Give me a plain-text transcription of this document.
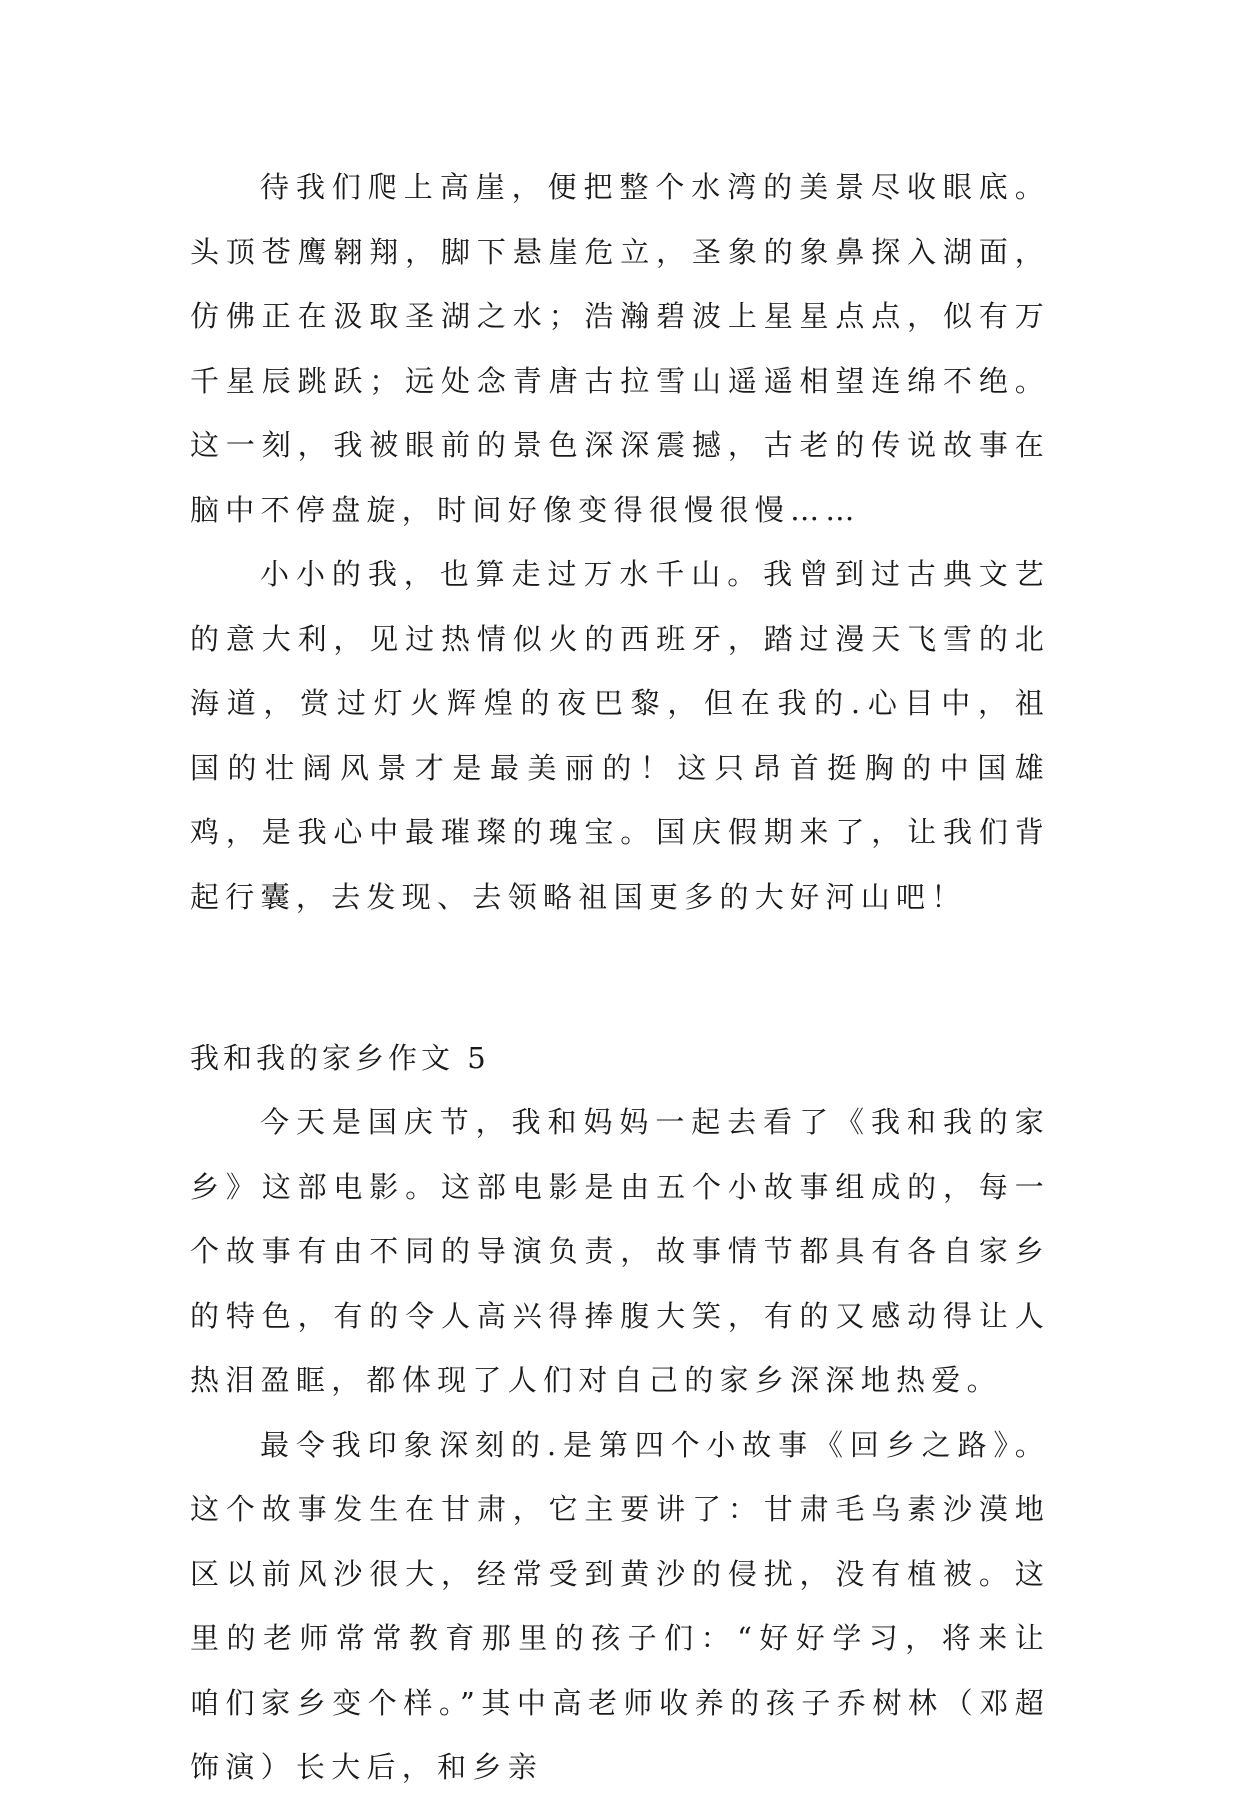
待我们爬上高崖，便把整个水湾的美景尽收眼底。头顶苍鹰翱翔，脚下悬崖危立，圣象的象鼻探入湖面，仿佛正在汲取圣湖之水；浩瀚碧波上星星点点，似有万千星辰跳跃；远处念青唐古拉雪山遥遥相望连绵不绝。这一刻，我被眼前的景色深深震撼，古老的传说故事在脑中不停盘旋，时间好像变得很慢很慢……

小小的我，也算走过万水千山。我曾到过古典文艺的意大利，见过热情似火的西班牙，踏过漫天飞雪的北海道，赏过灯火辉煌的夜巴黎，但在我的.心目中，祖国的壮阔风景才是最美丽的！这只昂首挺胸的中国雄鸡，是我心中最璀璨的瑰宝。国庆假期来了，让我们背起行囊，去发现、去领略祖国更多的大好河山吧！

我和我的家乡作文 5

今天是国庆节，我和妈妈一起去看了《我和我的家乡》这部电影。这部电影是由五个小故事组成的，每一个故事有由不同的导演负责，故事情节都具有各自家乡的特色，有的令人高兴得捧腹大笑，有的又感动得让人热泪盈眶，都体现了人们对自己的家乡深深地热爱。

最令我印象深刻的.是第四个小故事《回乡之路》。这个故事发生在甘肃，它主要讲了：甘肃毛乌素沙漠地区以前风沙很大，经常受到黄沙的侵扰，没有植被。这里的老师常常教育那里的孩子们：“好好学习，将来让咱们家乡变个样。”其中高老师收养的孩子乔树林（邓超饰演）长大后，和乡亲
